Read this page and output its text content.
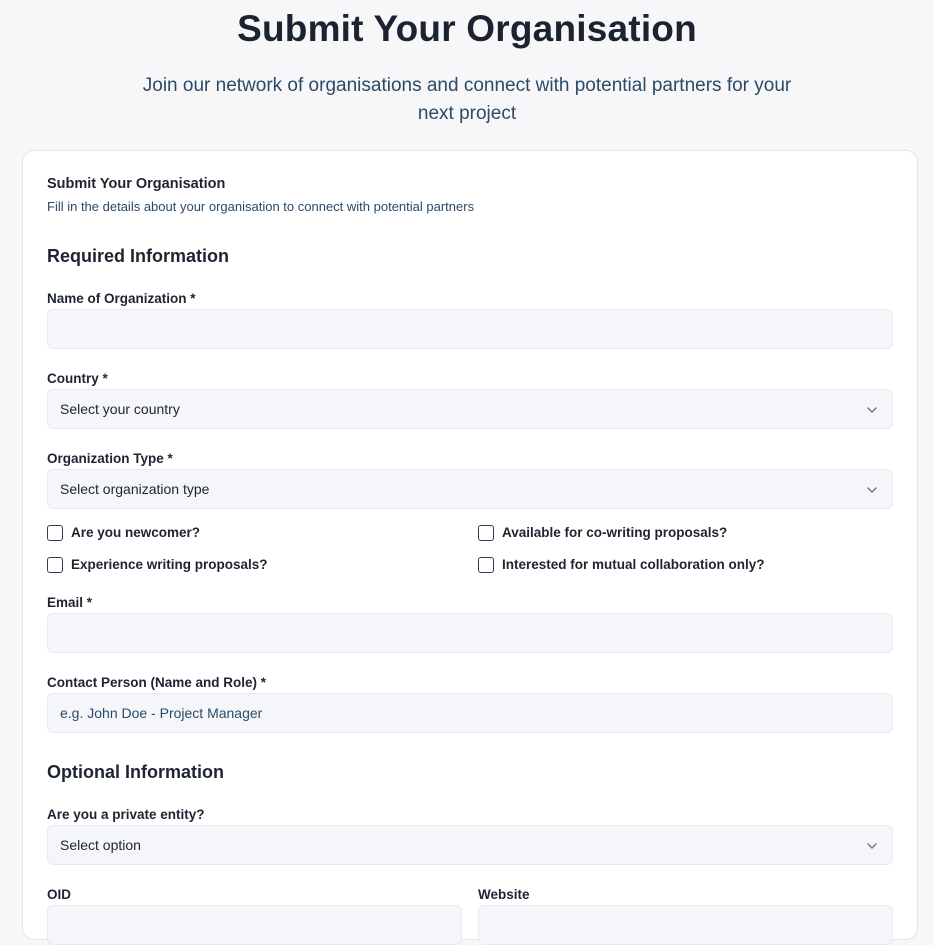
Submit Your Organisation

Join our network of organisations and connect with potential partners for your next project

Submit Your Organisation
Fill in the details about your organisation to connect with potential partners
Required Information
Name of Organization *
Country *
Select your country
Organization Type *
Select organization type
Are you newcomer?	Available for co-writing proposals?
Experience writing proposals?	Interested for mutual collaboration only?
Email *
Contact Person (Name and Role) *
e.g. John Doe - Project Manager
Optional Information
Are you a private entity?
Select option
OID	Website
